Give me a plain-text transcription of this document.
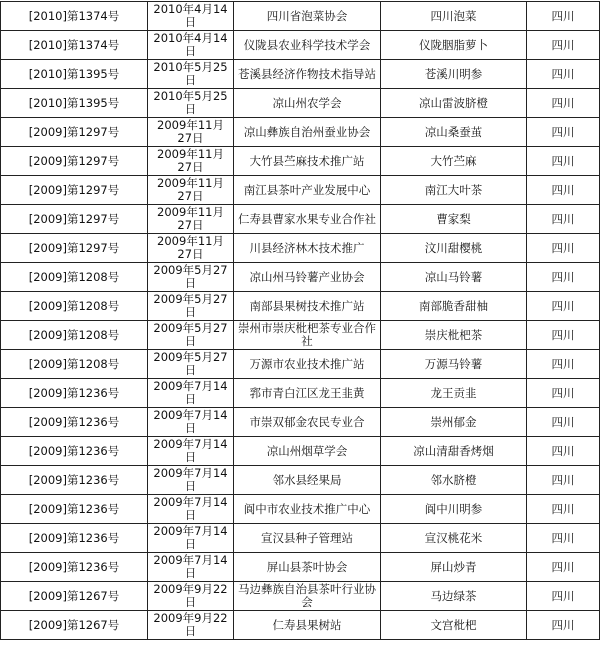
[2010]第1374号	2010年4月14日	四川省泡菜协会	四川泡菜	四川
[2010]第1374号	2010年4月14日	仪陇县农业科学技术学会	仪陇胭脂萝卜	四川
[2010]第1395号	2010年5月25日	苍溪县经济作物技术指导站	苍溪川明参	四川
[2010]第1395号	2010年5月25日	凉山州农学会	凉山雷波脐橙	四川
[2009]第1297号	2009年11月27日	凉山彝族自治州蚕业协会	凉山桑蚕茧	四川
[2009]第1297号	2009年11月27日	大竹县苎麻技术推广站	大竹苎麻	四川
[2009]第1297号	2009年11月27日	南江县茶叶产业发展中心	南江大叶茶	四川
[2009]第1297号	2009年11月27日	仁寿县曹家水果专业合作社	曹家梨	四川
[2009]第1297号	2009年11月27日	川县经济林木技术推广	汶川甜樱桃	四川
[2009]第1208号	2009年5月27日	凉山州马铃薯产业协会	凉山马铃薯	四川
[2009]第1208号	2009年5月27日	南部县果树技术推广站	南部脆香甜柚	四川
[2009]第1208号	2009年5月27日	崇州市崇庆枇杷茶专业合作社	崇庆枇杷茶	四川
[2009]第1208号	2009年5月27日	万源市农业技术推广站	万源马铃薯	四川
[2009]第1236号	2009年7月14日	郛市青白江区龙王韭黄	龙王贡韭	四川
[2009]第1236号	2009年7月14日	市崇双郁金农民专业合	崇州郁金	四川
[2009]第1236号	2009年7月14日	凉山州烟草学会	凉山清甜香烤烟	四川
[2009]第1236号	2009年7月14日	邻水县经果局	邻水脐橙	四川
[2009]第1236号	2009年7月14日	阆中市农业技术推广中心	阆中川明参	四川
[2009]第1236号	2009年7月14日	宣汉县种子管理站	宣汉桃花米	四川
[2009]第1236号	2009年7月14日	屏山县茶叶协会	屏山炒青	四川
[2009]第1267号	2009年9月22日	马边彝族自治县茶叶行业协会	马边绿茶	四川
[2009]第1267号	2009年9月22日	仁寿县果树站	文宫枇杷	四川
